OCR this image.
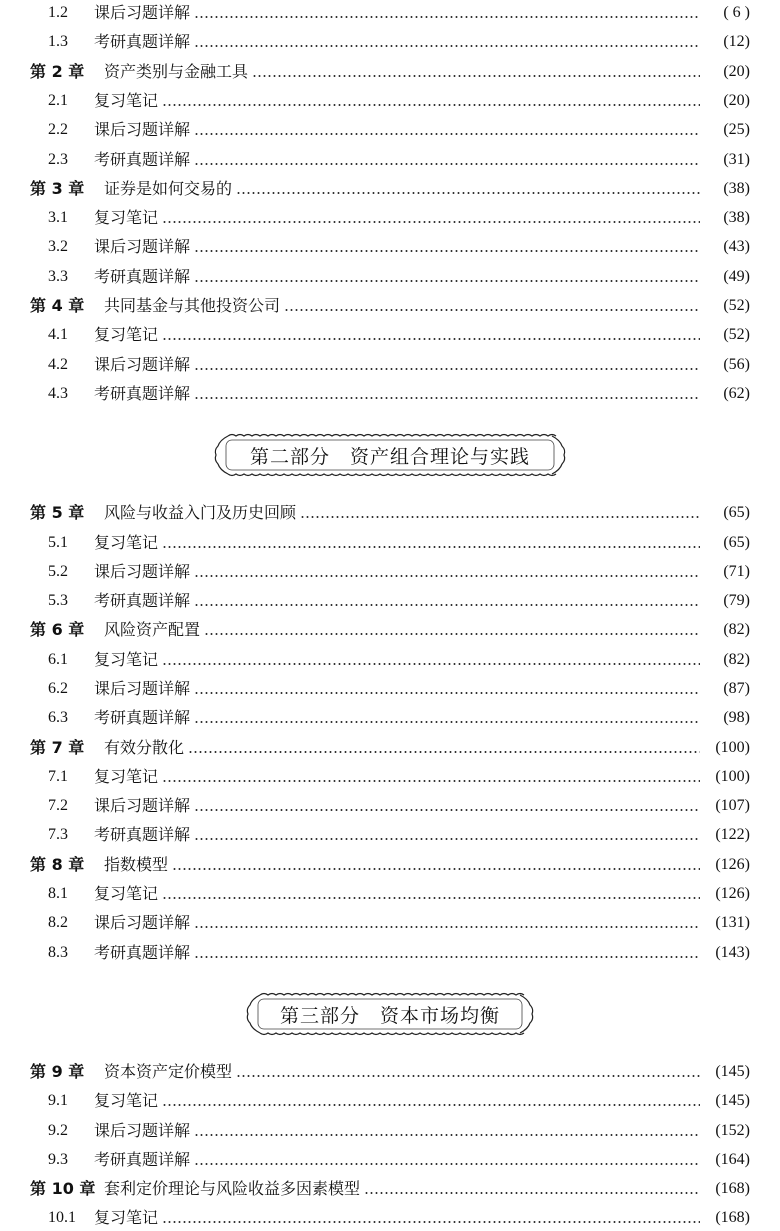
1.2	课后习题详解	( 6 )
1.3	考研真题详解	(12)
第 2 章	资产类别与金融工具	(20)
2.1	复习笔记	(20)
2.2	课后习题详解	(25)
2.3	考研真题详解	(31)
第 3 章	证券是如何交易的	(38)
3.1	复习笔记	(38)
3.2	课后习题详解	(43)
3.3	考研真题详解	(49)
第 4 章	共同基金与其他投资公司	(52)
4.1	复习笔记	(52)
4.2	课后习题详解	(56)
4.3	考研真题详解	(62)
第二部分　资产组合理论与实践
第 5 章	风险与收益入门及历史回顾	(65)
5.1	复习笔记	(65)
5.2	课后习题详解	(71)
5.3	考研真题详解	(79)
第 6 章	风险资产配置	(82)
6.1	复习笔记	(82)
6.2	课后习题详解	(87)
6.3	考研真题详解	(98)
第 7 章	有效分散化	(100)
7.1	复习笔记	(100)
7.2	课后习题详解	(107)
7.3	考研真题详解	(122)
第 8 章	指数模型	(126)
8.1	复习笔记	(126)
8.2	课后习题详解	(131)
8.3	考研真题详解	(143)
第三部分　资本市场均衡
第 9 章	资本资产定价模型	(145)
9.1	复习笔记	(145)
9.2	课后习题详解	(152)
9.3	考研真题详解	(164)
第 10 章 套利定价理论与风险收益多因素模型	(168)
10.1	复习笔记	(168)
